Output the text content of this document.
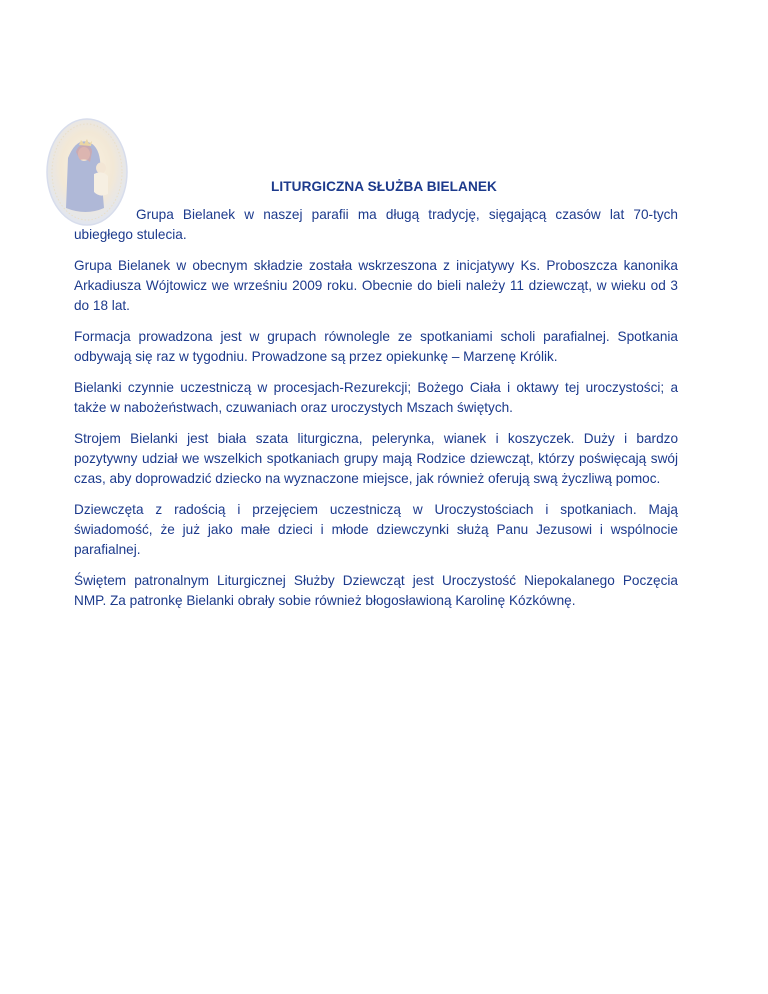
LITURGICZNA SŁUŻBA BIELANEK

Grupa Bielanek w naszej parafii ma długą tradycję, sięgającą czasów lat 70-tych ubiegłego stulecia.

Grupa Bielanek w obecnym składzie została wskrzeszona z inicjatywy Ks. Proboszcza kanonika Arkadiusza Wójtowicz we wrześniu 2009 roku. Obecnie do bieli należy 11 dziewcząt, w wieku od 3 do 18 lat.

Formacja prowadzona jest w grupach równolegle ze spotkaniami scholi parafialnej. Spotkania odbywają się raz w tygodniu. Prowadzone są przez opiekunkę – Marzenę Królik.

Bielanki czynnie uczestniczą w procesjach-Rezurekcji; Bożego Ciała i oktawy tej uroczystości; a także w nabożeństwach, czuwaniach oraz uroczystych Mszach świętych.

Strojem Bielanki jest biała szata liturgiczna, pelerynka, wianek i koszyczek. Duży i bardzo pozytywny udział we wszelkich spotkaniach grupy mają Rodzice dziewcząt, którzy poświęcają swój czas, aby doprowadzić dziecko na wyznaczone miejsce, jak również oferują swą życzliwą pomoc.

Dziewczęta z radością i przejęciem uczestniczą w Uroczystościach i spotkaniach. Mają świadomość, że już jako małe dzieci i młode dziewczynki służą Panu Jezusowi i wspólnocie parafialnej.

Świętem patronalnym Liturgicznej Służby Dziewcząt jest Uroczystość Niepokalanego Poczęcia NMP. Za patronkę Bielanki obrały sobie również błogosławioną Karolinę Kózkównę.
